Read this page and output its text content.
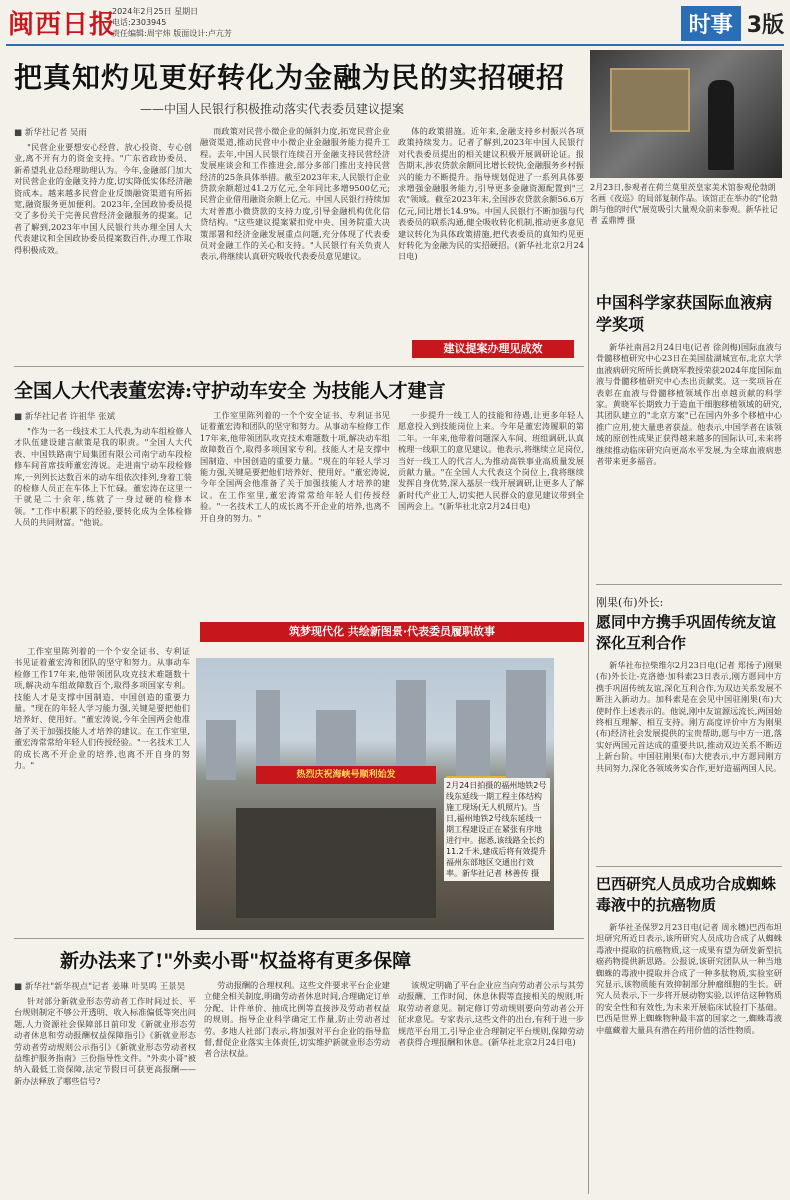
闽西日报
2024年2月25日 星期日
电话:2303945
责任编辑:周宇炜 版面设计:卢亢芳	时事 3版
把真知灼见更好转化为金融为民的实招硬招
——中国人民银行积极推动落实代表委员建议提案
2月23日,参观者在荷兰莫里茨皇家美术馆参观伦勃朗名画《夜巡》的局部复制作品。该馆正在举办的"伦勃朗与他的时代"展览吸引大量观众前来参观。新华社记者 孟鼎博 摄
■ 新华社记者 吴雨
"民营企业要想安心经营、放心投资、专心创业,离不开有力的资金支持。"广东省政协委员、新希望乳业总经理助理认为。今年,金融部门加大对民营企业的金融支持力度,切实降低实体经济融资成本。越来越多民营企业反馈融资渠道有所拓宽,融资服务更加便利。2023年,全国政协委员提交了多份关于完善民营经济金融服务的提案。记者了解到,2023年中国人民银行共办理全国人大代表建议和全国政协委员提案数百件,办理工作取得积极成效。
而政策对民营小微企业的倾斜力度,拓宽民营企业融资渠道,推动民营中小微企业金融服务能力提升工程。去年,中国人民银行连续召开金融支持民营经济发展座谈会和工作推进会,部分多部门推出支持民营经济的25条具体举措。截至2023年末,人民银行企业贷款余额超过41.2万亿元,全年同比多增9500亿元;民营企业借用融资余额上亿元。中国人民银行持续加大对普惠小微贷款的支持力度,引导金融机构优化信贷结构。"这些建议提案紧扣党中央、国务院重大决策部署和经济金融发展重点问题,充分体现了代表委员对金融工作的关心和支持。"人民银行有关负责人表示,将继续认真研究吸收代表委员意见建议。
体的政策措施。近年来,金融支持乡村振兴各项政策持续发力。记者了解到,2023年中国人民银行对代表委员提出的相关建议积极开展调研论证。报告期末,涉农贷款余额同比增长较快,金融服务乡村振兴的能力不断提升。指导规划促进了一系列具体要求增强金融服务能力,引导更多金融资源配置到"三农"领域。截至2023年末,全国涉农贷款余额56.6万亿元,同比增长14.9%。中国人民银行不断加强与代表委员的联系沟通,健全吸收转化机制,推动更多意见建议转化为具体政策措施,把代表委员的真知灼见更好转化为金融为民的实招硬招。(新华社北京2月24日电)
建议提案办理见成效
全国人大代表董宏涛:守护动车安全 为技能人才建言
■ 新华社记者 许祖华 张斌
"作为一名一线技术工人代表,为动车组检修人才队伍建设建言献策是我的职责。"全国人大代表、中国铁路南宁局集团有限公司南宁动车段检修车间首席技师董宏涛说。走进南宁动车段检修库,一列列长达数百米的动车组依次排列,身着工装的检修人员正在车体上下忙碌。董宏涛在这里一干就是二十余年,练就了一身过硬的检修本领。"工作中积累下的经验,要转化成为全体检修人员的共同财富。"他说。
工作室里陈列着的一个个安全证书、专利证书见证着董宏涛和团队的坚守和努力。从事动车检修工作17年来,他带领团队攻克技术难题数十项,解决动车组故障数百个,取得多项国家专利。技能人才是支撑中国制造、中国创造的重要力量。"现在的年轻人学习能力强,关键是要把他们培养好、使用好。"董宏涛说,今年全国两会他准备了关于加强技能人才培养的建议。在工作室里,董宏涛常常给年轻人们传授经验。"一名技术工人的成长离不开企业的培养,也离不开自身的努力。"
一步提升一线工人的技能和待遇,让更多年轻人愿意投入到技能岗位上来。今年是董宏涛履职的第二年。一年来,他带着问题深入车间、班组调研,认真梳理一线职工的意见建议。他表示,将继续立足岗位,当好一线工人的代言人,为推动高铁事业高质量发展贡献力量。"在全国人大代表这个岗位上,我将继续发挥自身优势,深入基层一线开展调研,让更多人了解新时代产业工人,切实把人民群众的意见建议带到全国两会上。"(新华社北京2月24日电)
筑梦现代化 共绘新图景·代表委员履职故事
工作室里陈列着的一个个安全证书、专利证书见证着董宏涛和团队的坚守和努力。从事动车检修工作17年来,他带领团队攻克技术难题数十项,解决动车组故障数百个,取得多项国家专利。技能人才是支撑中国制造、中国创造的重要力量。"现在的年轻人学习能力强,关键是要把他们培养好、使用好。"董宏涛说,今年全国两会他准备了关于加强技能人才培养的建议。在工作室里,董宏涛常常给年轻人们传授经验。"一名技术工人的成长离不开企业的培养,也离不开自身的努力。"
热烈庆祝海峡号顺利始发
2月24日拍摄的福州地铁2号线东延线一期工程主体结构施工现场(无人机照片)。当日,福州地铁2号线东延线一期工程建设正在紧张有序地进行中。据悉,该线路全长约11.2千米,建成后将有效提升福州东部地区交通出行效率。新华社记者 林善传 摄
新办法来了!"外卖小哥"权益将有更多保障
■ 新华社"新华视点"记者 姜琳 叶昊鸣 王景昊
针对部分新就业形态劳动者工作时间过长、平台规则制定不够公开透明、收入标准偏低等突出问题,人力资源社会保障部日前印发《新就业形态劳动者休息和劳动报酬权益保障指引》《新就业形态劳动者劳动规则公示指引》《新就业形态劳动者权益维护服务指南》三份指导性文件。"外卖小哥"被纳入最低工资保障,法定节假日可获更高报酬——新办法释放了哪些信号?
劳动报酬的合理权利。这些文件要求平台企业建立健全相关制度,明确劳动者休息时间,合理确定订单分配、计件单价、抽成比例等直接涉及劳动者权益的规则。指导企业科学确定工作量,防止劳动者过劳。多地人社部门表示,将加强对平台企业的指导监督,督促企业落实主体责任,切实维护新就业形态劳动者合法权益。
该规定明确了平台企业应当向劳动者公示与其劳动报酬、工作时间、休息休假等直接相关的规则,听取劳动者意见。制定修订劳动规则要向劳动者公开征求意见。专家表示,这些文件的出台,有利于进一步规范平台用工,引导企业合理制定平台规则,保障劳动者获得合理报酬和休息。(新华社北京2月24日电)
中国科学家获国际血液病学奖项
新华社南昌2月24日电(记者 徐剑梅)国际血液与骨髓移植研究中心23日在美国盐湖城宣布,北京大学血液病研究所所长黄晓军教授荣获2024年度国际血液与骨髓移植研究中心杰出贡献奖。这一奖项旨在表彰在血液与骨髓移植领域作出卓越贡献的科学家。黄晓军长期致力于造血干细胞移植领域的研究,其团队建立的"北京方案"已在国内外多个移植中心推广应用,使大量患者获益。他表示,中国学者在该领域的原创性成果正获得越来越多的国际认可,未来将继续推动临床研究向更高水平发展,为全球血液病患者带来更多福音。
刚果(布)外长:
愿同中方携手巩固传统友谊深化互利合作
新华社布拉柴维尔2月23日电(记者 郑扬子)刚果(布)外长让-克洛德·加科索23日表示,刚方愿同中方携手巩固传统友谊,深化互利合作,为双边关系发展不断注入新动力。加科索是在会见中国驻刚果(布)大使时作上述表示的。他说,刚中友谊源远流长,两国始终相互理解、相互支持。刚方高度评价中方为刚果(布)经济社会发展提供的宝贵帮助,愿与中方一道,落实好两国元首达成的重要共识,推动双边关系不断迈上新台阶。中国驻刚果(布)大使表示,中方愿同刚方共同努力,深化各领域务实合作,更好造福两国人民。
巴西研究人员成功合成蜘蛛毒液中的抗癌物质
新华社圣保罗2月23日电(记者 周永穗)巴西布坦坦研究所近日表示,该所研究人员成功合成了从蜘蛛毒液中提取的抗癌物质,这一成果有望为研发新型抗癌药物提供新思路。公报说,该研究团队从一种当地蜘蛛的毒液中提取并合成了一种多肽物质,实验室研究显示,该物质能有效抑制部分肿瘤细胞的生长。研究人员表示,下一步将开展动物实验,以评估这种物质的安全性和有效性,为未来开展临床试验打下基础。巴西是世界上蜘蛛物种最丰富的国家之一,蜘蛛毒液中蕴藏着大量具有潜在药用价值的活性物质。
